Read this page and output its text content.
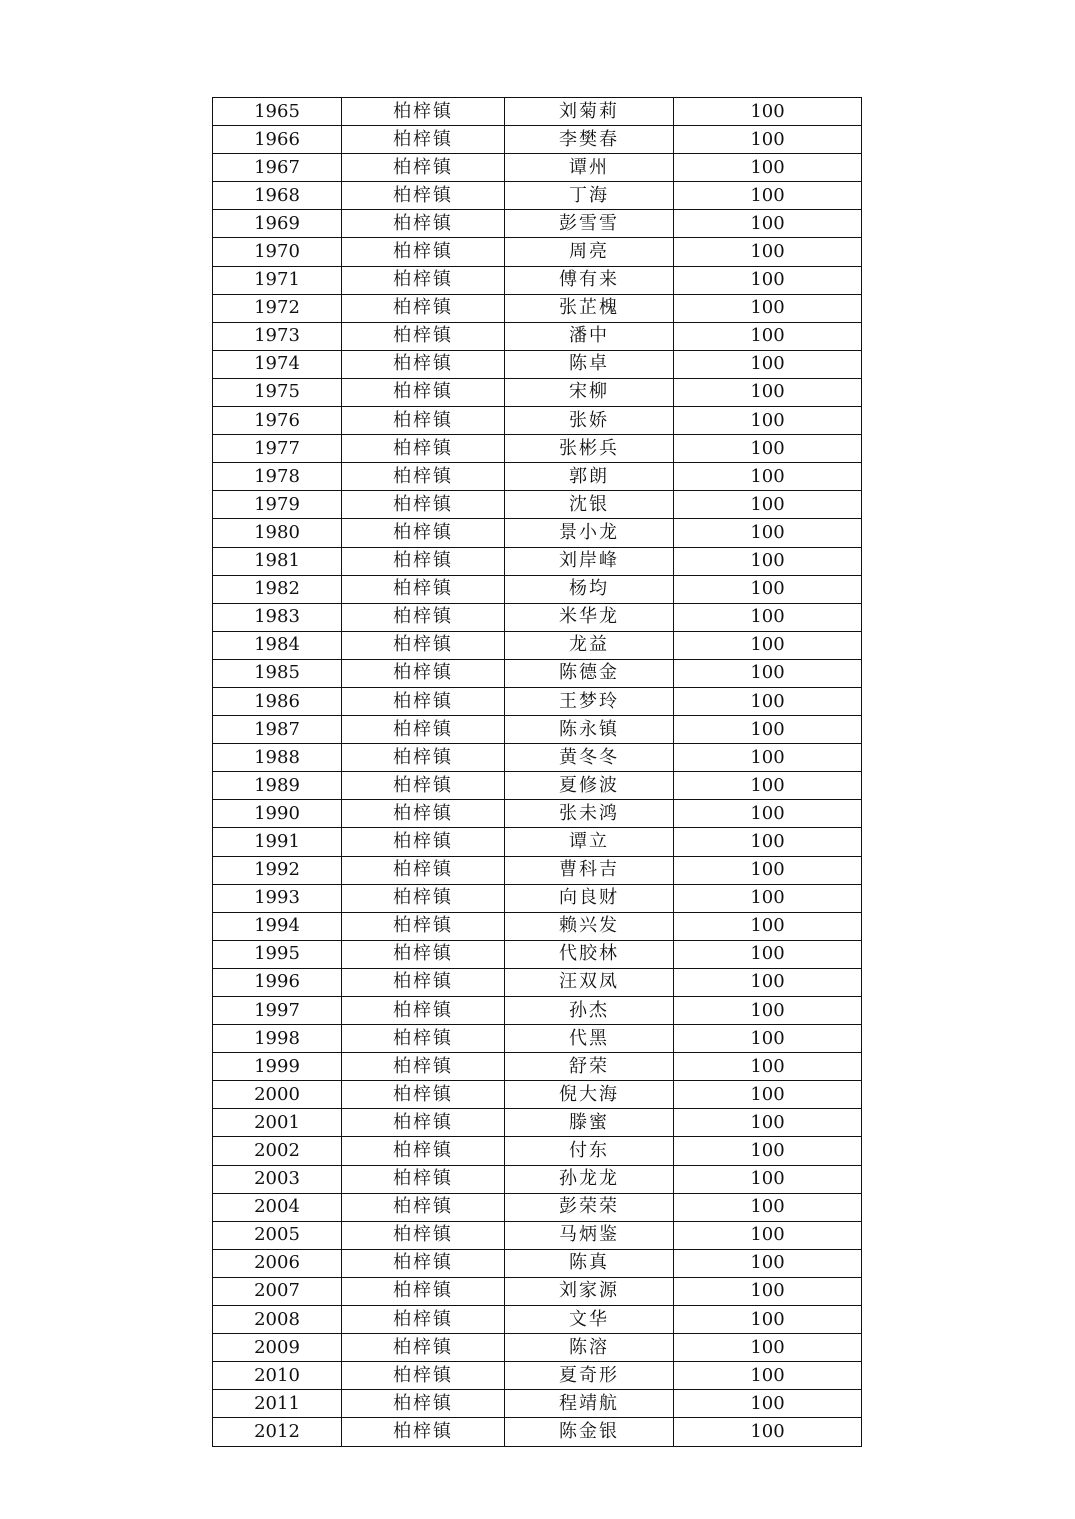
1965	柏梓镇	刘菊莉	100
1966	柏梓镇	李樊春	100
1967	柏梓镇	谭州	100
1968	柏梓镇	丁海	100
1969	柏梓镇	彭雪雪	100
1970	柏梓镇	周亮	100
1971	柏梓镇	傅有来	100
1972	柏梓镇	张芷槐	100
1973	柏梓镇	潘中	100
1974	柏梓镇	陈卓	100
1975	柏梓镇	宋柳	100
1976	柏梓镇	张娇	100
1977	柏梓镇	张彬兵	100
1978	柏梓镇	郭朗	100
1979	柏梓镇	沈银	100
1980	柏梓镇	景小龙	100
1981	柏梓镇	刘岸峰	100
1982	柏梓镇	杨均	100
1983	柏梓镇	米华龙	100
1984	柏梓镇	龙益	100
1985	柏梓镇	陈德金	100
1986	柏梓镇	王梦玲	100
1987	柏梓镇	陈永镇	100
1988	柏梓镇	黄冬冬	100
1989	柏梓镇	夏修波	100
1990	柏梓镇	张未鸿	100
1991	柏梓镇	谭立	100
1992	柏梓镇	曹科吉	100
1993	柏梓镇	向良财	100
1994	柏梓镇	赖兴发	100
1995	柏梓镇	代胶林	100
1996	柏梓镇	汪双凤	100
1997	柏梓镇	孙杰	100
1998	柏梓镇	代黑	100
1999	柏梓镇	舒荣	100
2000	柏梓镇	倪大海	100
2001	柏梓镇	滕蜜	100
2002	柏梓镇	付东	100
2003	柏梓镇	孙龙龙	100
2004	柏梓镇	彭荣荣	100
2005	柏梓镇	马炳鉴	100
2006	柏梓镇	陈真	100
2007	柏梓镇	刘家源	100
2008	柏梓镇	文华	100
2009	柏梓镇	陈溶	100
2010	柏梓镇	夏奇形	100
2011	柏梓镇	程靖航	100
2012	柏梓镇	陈金银	100
